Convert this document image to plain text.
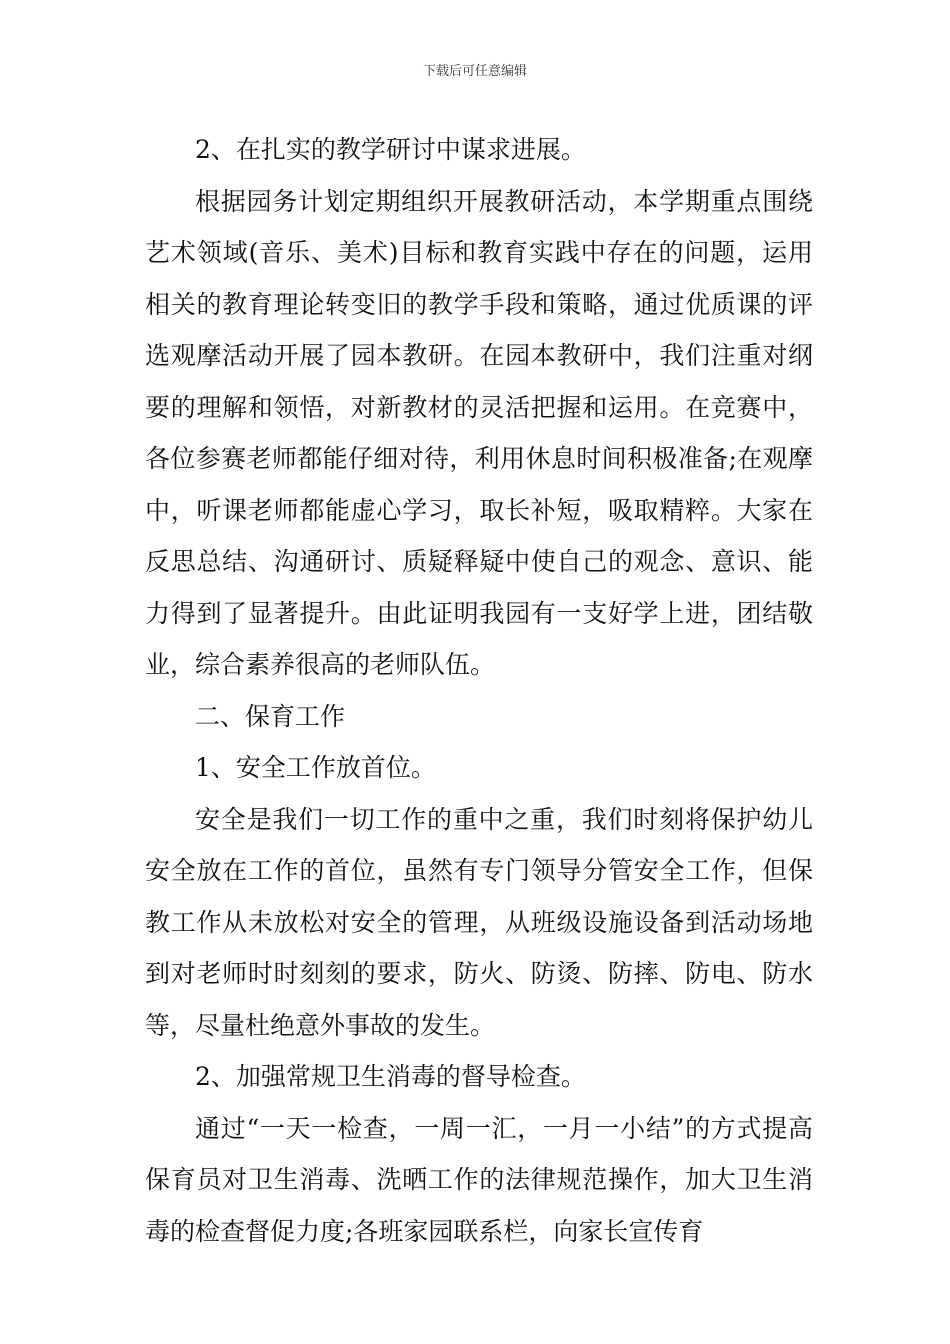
下载后可任意编辑

2、在扎实的教学研讨中谋求进展。

根据园务计划定期组织开展教研活动，本学期重点围绕艺术领域(音乐、美术)目标和教育实践中存在的问题，运用相关的教育理论转变旧的教学手段和策略，通过优质课的评选观摩活动开展了园本教研。在园本教研中，我们注重对纲要的理解和领悟，对新教材的灵活把握和运用。在竞赛中，各位参赛老师都能仔细对待，利用休息时间积极准备;在观摩中，听课老师都能虚心学习，取长补短，吸取精粹。大家在反思总结、沟通研讨、质疑释疑中使自己的观念、意识、能力得到了显著提升。由此证明我园有一支好学上进，团结敬业，综合素养很高的老师队伍。

二、保育工作

1、安全工作放首位。

安全是我们一切工作的重中之重，我们时刻将保护幼儿安全放在工作的首位，虽然有专门领导分管安全工作，但保教工作从未放松对安全的管理，从班级设施设备到活动场地到对老师时时刻刻的要求，防火、防烫、防摔、防电、防水等，尽量杜绝意外事故的发生。

2、加强常规卫生消毒的督导检查。

通过“一天一检查，一周一汇，一月一小结”的方式提高保育员对卫生消毒、洗晒工作的法律规范操作，加大卫生消毒的检查督促力度;各班家园联系栏，向家长宣传育
